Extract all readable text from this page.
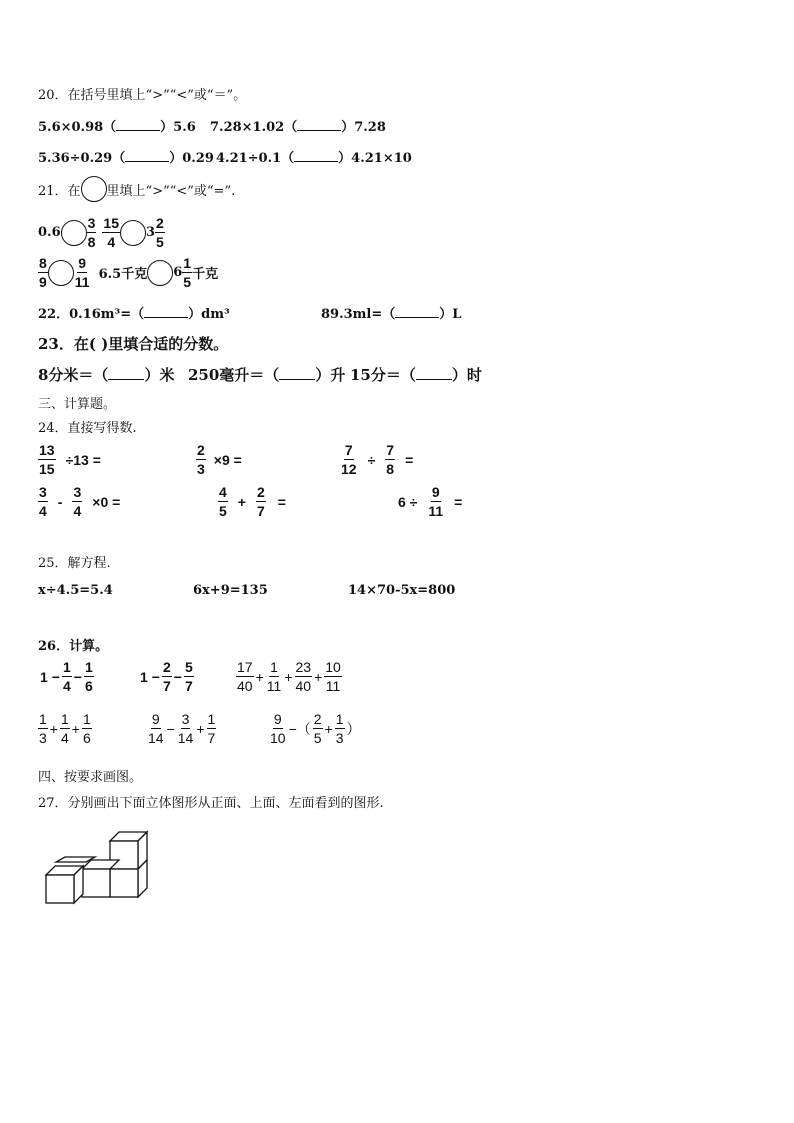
20．在括号里填上“>”“<”或“＝”。
5.6×0.98（	）5.6 7.28×1.02（	）7.28
5.36÷0.29（	）0.29 4.21÷0.1（	）4.21×10
21．在 里填上“>”“<”或“=”.
$0.6 \frac{3}{8} \frac{15}{4} 3 \frac{2}{5}$
$\frac{8}{9} \frac{9}{11} 6.5$千克 $6 \frac{1}{5}$ 千克
22．0.16m³=（	）dm³	89.3ml=（	）L
23．在( )里填合适的分数。
8分米＝（ ）米 250毫升＝（ ）升 15分＝（ ）时
三、计算题。
24．直接写得数.
$\frac{13}{15} \div 13$ =	$\frac{2}{3} \times 9$ =	$\frac{7}{12} \div \frac{7}{8}$ =
$\frac{3}{4} - \frac{3}{4} \times 0$ =	$\frac{4}{5} + \frac{2}{7}$ =	$6 \div \frac{9}{11}$ =
25．解方程.
x÷4.5=5.4	6x+9=135	14×70-5x=800
26．计算。
$1 - \frac{1}{4} - \frac{1}{6}$	$1 - \frac{2}{7} - \frac{5}{7}$	$\frac{17}{40} + \frac{1}{11} + \frac{23}{40} + \frac{10}{11}$
$\frac{1}{3} + \frac{1}{4} + \frac{1}{6}$	$\frac{9}{14} - \frac{3}{14} + \frac{1}{7}$	$\frac{9}{10}$ −（ $\frac{2}{5} + \frac{1}{3}$ ）
四、按要求画图。
27．分别画出下面立体图形从正面、上面、左面看到的图形.
